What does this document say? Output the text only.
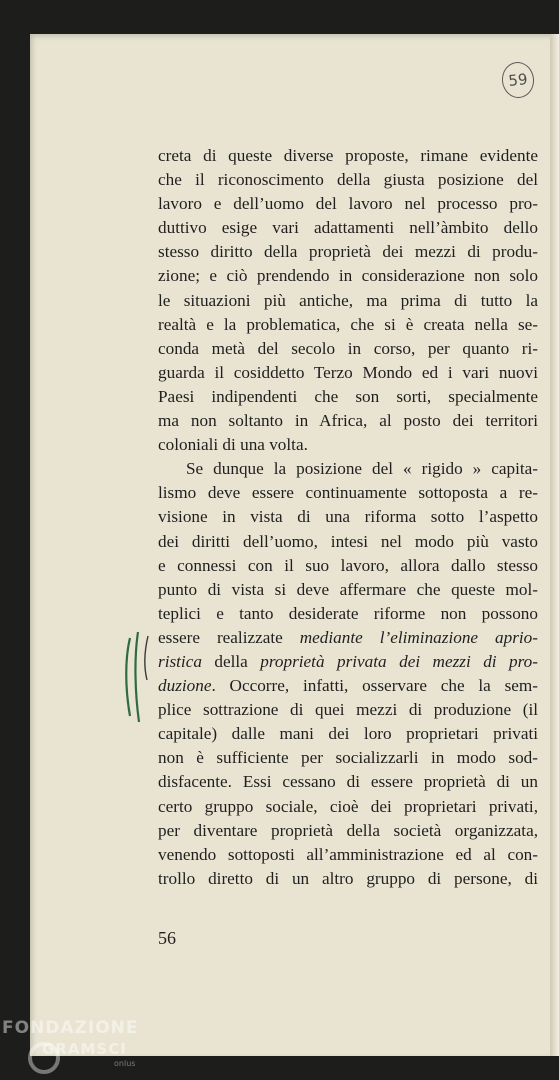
59
creta di queste diverse proposte, rimane evidente
che il riconoscimento della giusta posizione del
lavoro e dell’uomo del lavoro nel processo pro-
duttivo esige vari adattamenti nell’àmbito dello
stesso diritto della proprietà dei mezzi di produ-
zione; e ciò prendendo in considerazione non solo
le situazioni più antiche, ma prima di tutto la
realtà e la problematica, che si è creata nella se-
conda metà del secolo in corso, per quanto ri-
guarda il cosiddetto Terzo Mondo ed i vari nuovi
Paesi indipendenti che son sorti, specialmente
ma non soltanto in Africa, al posto dei territori
coloniali di una volta.
Se dunque la posizione del « rigido » capita-
lismo deve essere continuamente sottoposta a re-
visione in vista di una riforma sotto l’aspetto
dei diritti dell’uomo, intesi nel modo più vasto
e connessi con il suo lavoro, allora dallo stesso
punto di vista si deve affermare che queste mol-
teplici e tanto desiderate riforme non possono
essere realizzate mediante l’eliminazione aprio-
ristica della proprietà privata dei mezzi di pro-
duzione. Occorre, infatti, osservare che la sem-
plice sottrazione di quei mezzi di produzione (il
capitale) dalle mani dei loro proprietari privati
non è sufficiente per socializzarli in modo sod-
disfacente. Essi cessano di essere proprietà di un
certo gruppo sociale, cioè dei proprietari privati,
per diventare proprietà della società organizzata,
venendo sottoposti all’amministrazione ed al con-
trollo diretto di un altro gruppo di persone, di
56
FONDAZIONE
GRAMSCI
onlus
